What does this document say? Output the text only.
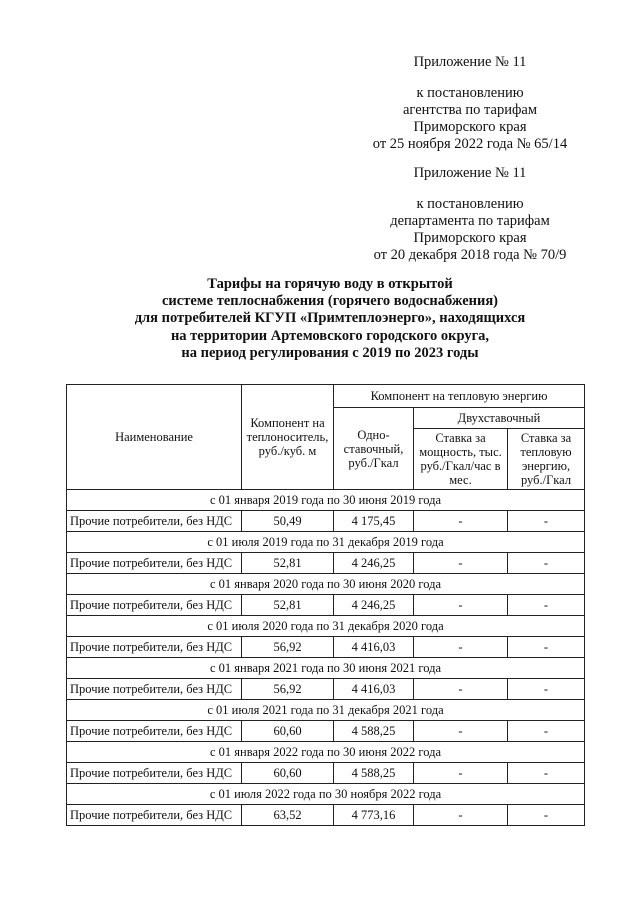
Приложение № 11
к постановлению
агентства по тарифам
Приморского края
от 25 ноября 2022 года № 65/14
Приложение № 11
к постановлению
департамента по тарифам
Приморского края
от 20 декабря 2018 года № 70/9
Тарифы на горячую воду в открытой
системе теплоснабжения (горячего водоснабжения)
для потребителей КГУП «Примтеплоэнерго», находящихся
на территории Артемовского городского округа,
на период регулирования с 2019 по 2023 годы
Наименование	Компонент на теплоноситель, руб./куб. м	Компонент на тепловую энергию		
		Одно-ставочный, руб./Гкал	Двухставочный	
			Ставка за мощность, тыс. руб./Гкал/час в мес.	Ставка за тепловую энергию, руб./Гкал
с 01 января 2019 года по 30 июня 2019 года				
Прочие потребители, без НДС	50,49	4 175,45	-	-
с 01 июля 2019 года по 31 декабря 2019 года				
Прочие потребители, без НДС	52,81	4 246,25	-	-
с 01 января 2020 года по 30 июня 2020 года				
Прочие потребители, без НДС	52,81	4 246,25	-	-
с 01 июля 2020 года по 31 декабря 2020 года				
Прочие потребители, без НДС	56,92	4 416,03	-	-
с 01 января 2021 года по 30 июня 2021 года				
Прочие потребители, без НДС	56,92	4 416,03	-	-
с 01 июля 2021 года по 31 декабря 2021 года				
Прочие потребители, без НДС	60,60	4 588,25	-	-
с 01 января 2022 года по 30 июня 2022 года				
Прочие потребители, без НДС	60,60	4 588,25	-	-
с 01 июля 2022 года по 30 ноября 2022 года				
Прочие потребители, без НДС	63,52	4 773,16	-	-
